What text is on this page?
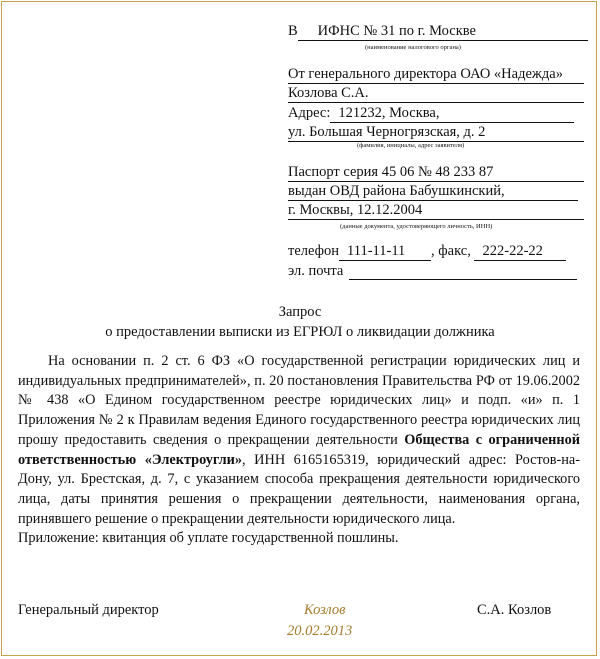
В ИФНС № 31 по г. Москве
(наименование налогового органа)
От генерального директора ОАО «Надежда»
Козлова С.А.
Адрес: 121232, Москва,
ул. Большая Черногрязская, д. 2
(фамилия, инициалы, адрес заявителя)
Паспорт серия 45 06 № 48 233 87
выдан ОВД района Бабушкинский,
г. Москвы, 12.12.2004
(данные документа, удостоверяющего личность, ИНН)
телефон 111-11-11 , факс, 222-22-22
эл. почта
Запрос
о предоставлении выписки из ЕГРЮЛ о ликвидации должника

На основании п. 2 ст. 6 ФЗ «О государственной регистрации юридических лиц и индивидуальных предпринимателей», п. 20 постановления Правительства РФ от 19.06.2002 № 438 «О Едином государственном реестре юридических лиц» и подп. «и» п. 1 Приложения № 2 к Правилам ведения Единого государственного реестра юридических лиц прошу предоставить сведения о прекращении деятельности Общества с ограниченной ответственностью «Электроугли», ИНН 6165165319, юридический адрес: Ростов-на-Дону, ул. Брестская, д. 7, с указанием способа прекращения деятельности юридического лица, даты принятия решения о прекращении деятельности, наименования органа, принявшего решение о прекращении деятельности юридического лица.

Приложение: квитанция об уплате государственной пошлины.

Генеральный директор	Козлов
20.02.2013
С.А. Козлов
